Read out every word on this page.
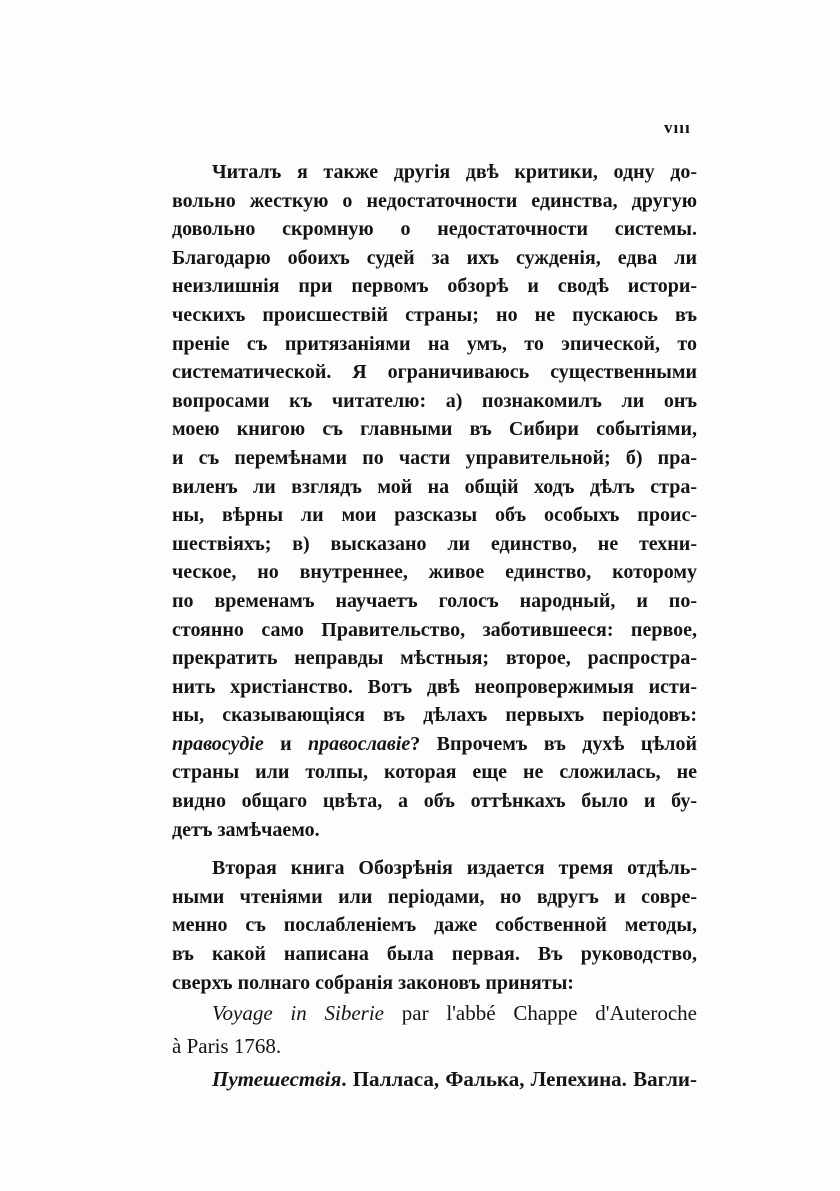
vııı
Читалъ я также другія двѣ критики, одну до-
вольно жесткую о недостаточности единства, другую
довольно скромную о недостаточности системы.
Благодарю обоихъ судей за ихъ сужденія, едва ли
неизлишнія при первомъ обзорѣ и сводѣ истори-
ческихъ происшествій страны; но не пускаюсь въ
преніе съ притязаніями на умъ, то эпической, то
систематической. Я ограничиваюсь существенными
вопросами къ читателю: а) познакомилъ ли онъ
моею книгою съ главными въ Сибири событіями,
и съ перемѣнами по части управительной; б) пра-
виленъ ли взглядъ мой на общій ходъ дѣлъ стра-
ны, вѣрны ли мои разсказы объ особыхъ проис-
шествіяхъ; в) высказано ли единство, не техни-
ческое, но внутреннее, живое единство, которому
по временамъ научаетъ голосъ народный, и по-
стоянно само Правительство, заботившееся: первое,
прекратить неправды мѣстныя; второе, распростра-
нить христіанство. Вотъ двѣ неопровержимыя исти-
ны, сказывающіяся въ дѣлахъ первыхъ періодовъ:
правосудіе и православіе? Впрочемъ въ духѣ цѣлой
страны или толпы, которая еще не сложилась, не
видно общаго цвѣта, а объ оттѣнкахъ было и бу-
детъ замѣчаемо.
Вторая книга Обозрѣнія издается тремя отдѣль-
ными чтеніями или періодами, но вдругъ и совре-
менно съ послабленіемъ даже собственной методы,
въ какой написана была первая. Въ руководство,
сверхъ полнаго собранія законовъ приняты:
Voyage in Siberie par l'abbé Chappe d'Auteroche
à Paris 1768.
Путешествія. Палласа, Фалька, Лепехина. Вагли-
